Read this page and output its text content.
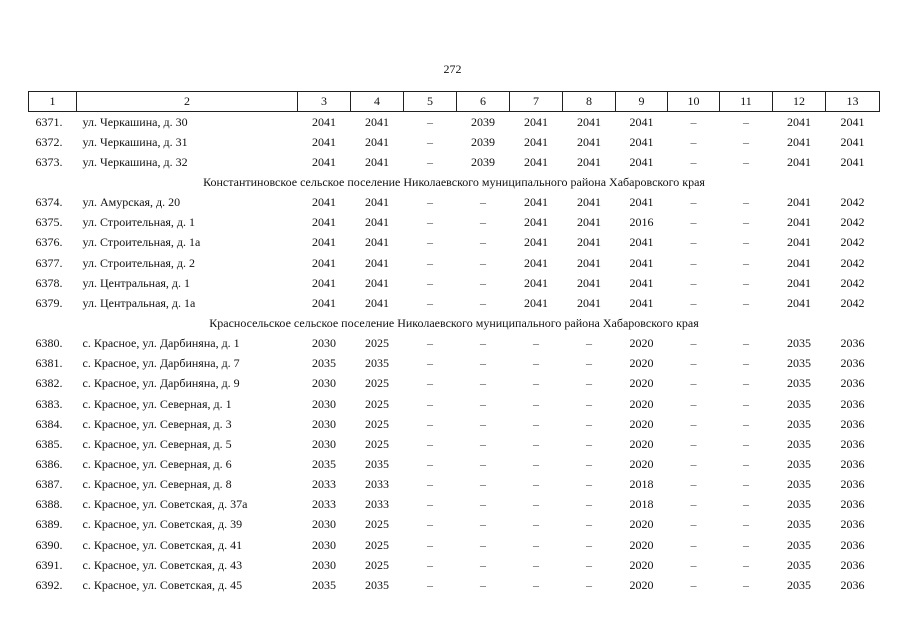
272
1	2	3	4	5	6	7	8	9	10	11	12	13
6371.	ул. Черкашина, д. 30	2041	2041	–	2039	2041	2041	2041	–	–	2041	2041
6372.	ул. Черкашина, д. 31	2041	2041	–	2039	2041	2041	2041	–	–	2041	2041
6373.	ул. Черкашина, д. 32	2041	2041	–	2039	2041	2041	2041	–	–	2041	2041
Константиновское сельское поселение Николаевского муниципального района Хабаровского края												
6374.	ул. Амурская, д. 20	2041	2041	–	–	2041	2041	2041	–	–	2041	2042
6375.	ул. Строительная, д. 1	2041	2041	–	–	2041	2041	2016	–	–	2041	2042
6376.	ул. Строительная, д. 1а	2041	2041	–	–	2041	2041	2041	–	–	2041	2042
6377.	ул. Строительная, д. 2	2041	2041	–	–	2041	2041	2041	–	–	2041	2042
6378.	ул. Центральная, д. 1	2041	2041	–	–	2041	2041	2041	–	–	2041	2042
6379.	ул. Центральная, д. 1а	2041	2041	–	–	2041	2041	2041	–	–	2041	2042
Красносельское сельское поселение Николаевского муниципального района Хабаровского края												
6380.	с. Красное, ул. Дарбиняна, д. 1	2030	2025	–	–	–	–	2020	–	–	2035	2036
6381.	с. Красное, ул. Дарбиняна, д. 7	2035	2035	–	–	–	–	2020	–	–	2035	2036
6382.	с. Красное, ул. Дарбиняна, д. 9	2030	2025	–	–	–	–	2020	–	–	2035	2036
6383.	с. Красное, ул. Северная, д. 1	2030	2025	–	–	–	–	2020	–	–	2035	2036
6384.	с. Красное, ул. Северная, д. 3	2030	2025	–	–	–	–	2020	–	–	2035	2036
6385.	с. Красное, ул. Северная, д. 5	2030	2025	–	–	–	–	2020	–	–	2035	2036
6386.	с. Красное, ул. Северная, д. 6	2035	2035	–	–	–	–	2020	–	–	2035	2036
6387.	с. Красное, ул. Северная, д. 8	2033	2033	–	–	–	–	2018	–	–	2035	2036
6388.	с. Красное, ул. Советская, д. 37а	2033	2033	–	–	–	–	2018	–	–	2035	2036
6389.	с. Красное, ул. Советская, д. 39	2030	2025	–	–	–	–	2020	–	–	2035	2036
6390.	с. Красное, ул. Советская, д. 41	2030	2025	–	–	–	–	2020	–	–	2035	2036
6391.	с. Красное, ул. Советская, д. 43	2030	2025	–	–	–	–	2020	–	–	2035	2036
6392.	с. Красное, ул. Советская, д. 45	2035	2035	–	–	–	–	2020	–	–	2035	2036
